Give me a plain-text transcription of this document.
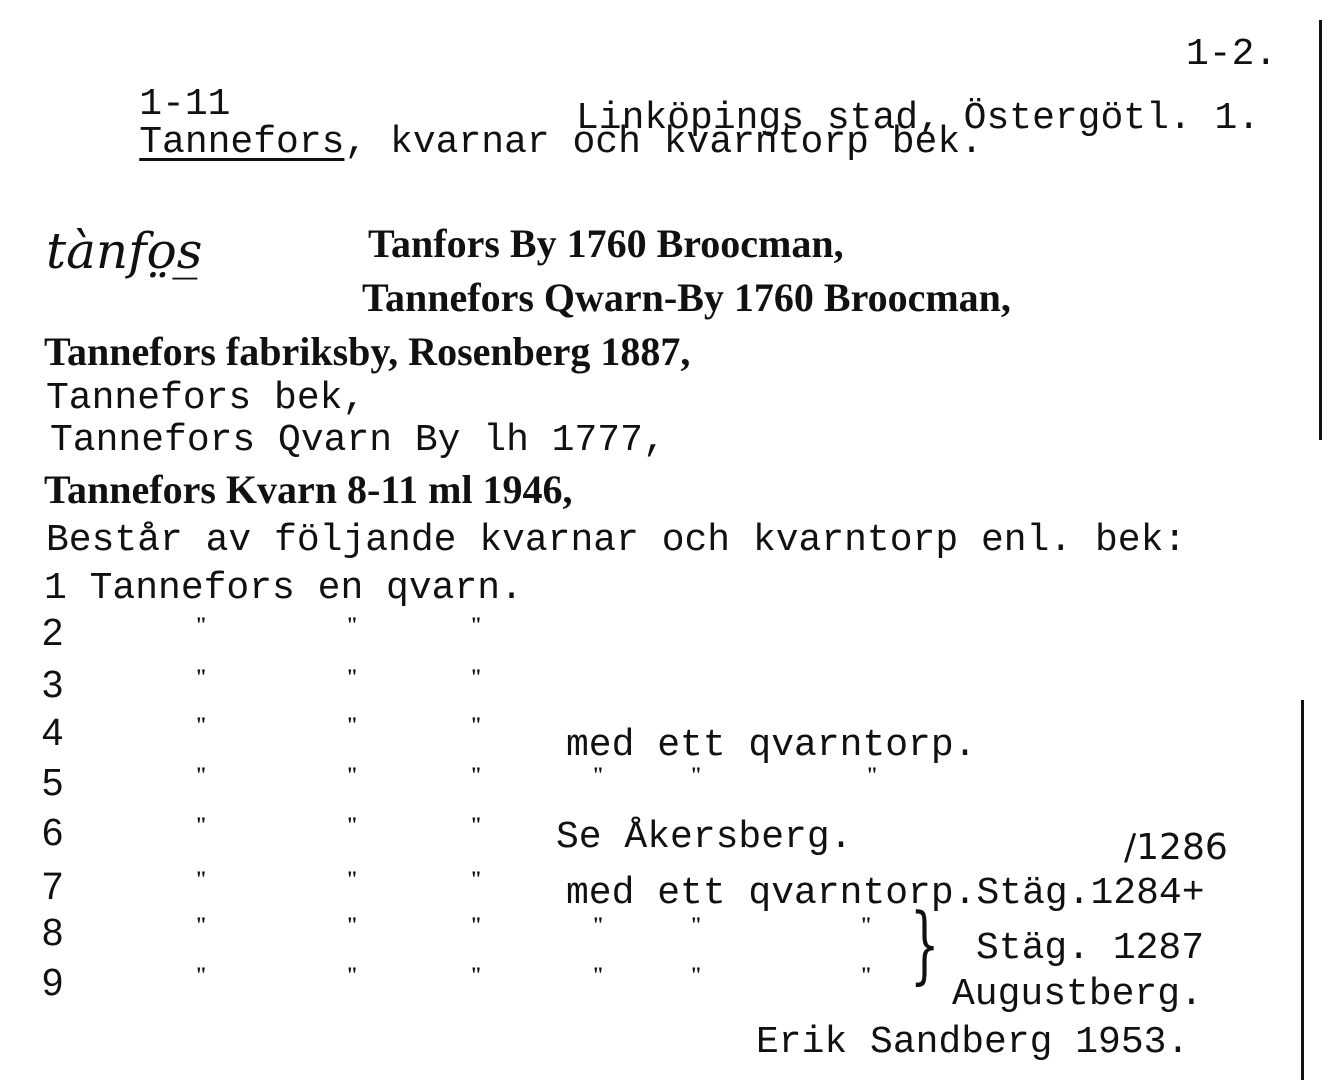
1-11
Tannefors, kvarnar och kvarntorp bek.

1-2.
Linköpings stad, Östergötl. 1.
tànfo̤s̲	Tanfors By 1760 Broocman,
Tannefors Qwarn-By 1760 Broocman,
Tannefors fabriksby, Rosenberg 1887,
Tannefors bek,
Tannefors Qvarn By lh 1777,
Tannefors Kvarn 8-11 ml 1946,
Består av följande kvarnar och kvarntorp enl. bek:
1 Tannefors en qvarn.
2	"	"	"
3	"	"	"
4	"	"	" med ett qvarntorp.
5	"	"	"	"	"	"
6	"	"	" Se Åkersberg.
7	"	"	" med ett qvarntorp.Stäg.1284+
8	"	"	"	"	"	"
9	"	"	"	"	"	"
/1286
} Stäg. 1287
Augustberg.
Erik Sandberg 1953.
